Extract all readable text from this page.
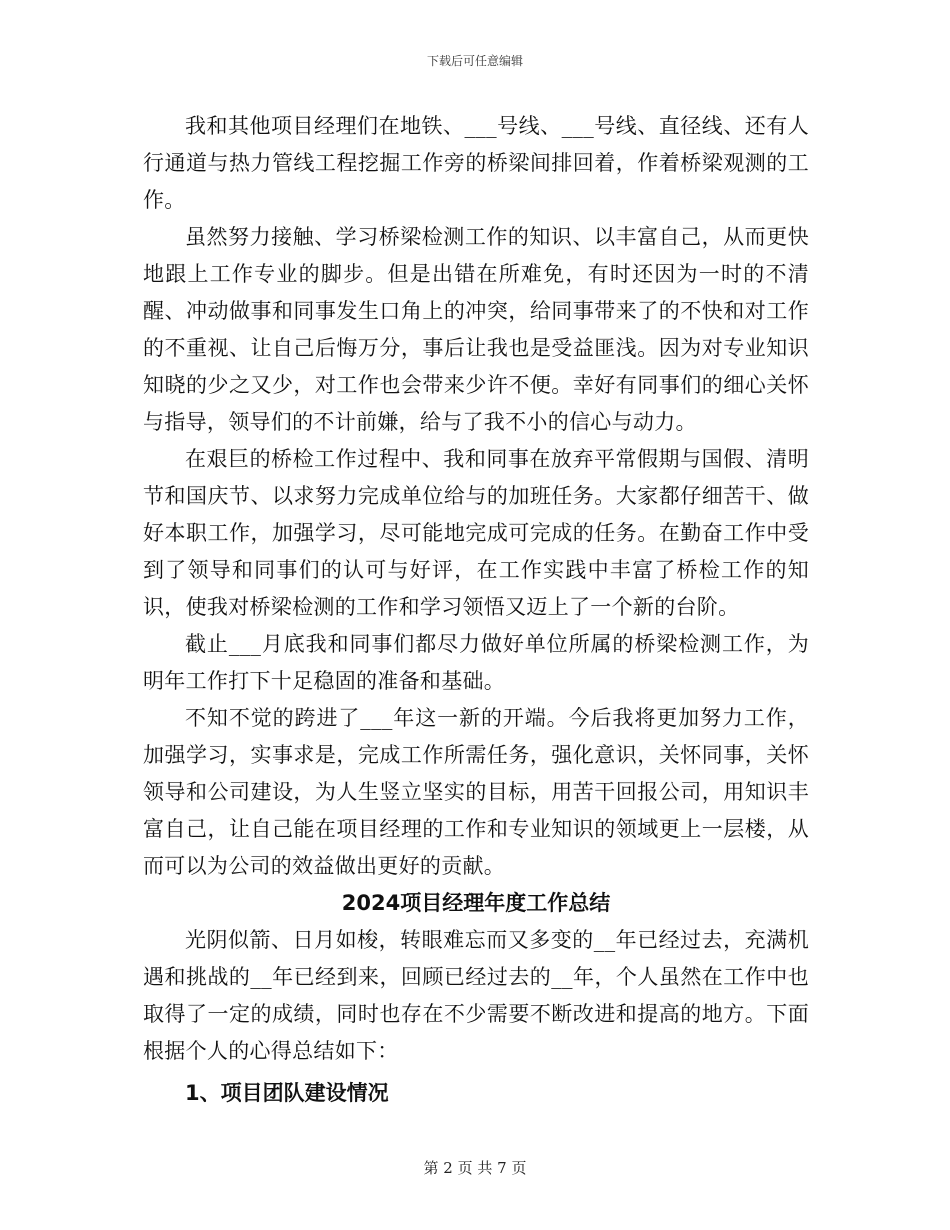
下载后可任意编辑

我和其他项目经理们在地铁、___号线、___号线、直径线、还有人行通道与热力管线工程挖掘工作旁的桥梁间排回着，作着桥梁观测的工作。

虽然努力接触、学习桥梁检测工作的知识、以丰富自己，从而更快地跟上工作专业的脚步。但是出错在所难免，有时还因为一时的不清醒、冲动做事和同事发生口角上的冲突，给同事带来了的不快和对工作的不重视、让自己后悔万分，事后让我也是受益匪浅。因为对专业知识知晓的少之又少，对工作也会带来少许不便。幸好有同事们的细心关怀与指导，领导们的不计前嫌，给与了我不小的信心与动力。

在艰巨的桥检工作过程中、我和同事在放弃平常假期与国假、清明节和国庆节、以求努力完成单位给与的加班任务。大家都仔细苦干、做好本职工作，加强学习，尽可能地完成可完成的任务。在勤奋工作中受到了领导和同事们的认可与好评，在工作实践中丰富了桥检工作的知识，使我对桥梁检测的工作和学习领悟又迈上了一个新的台阶。

截止___月底我和同事们都尽力做好单位所属的桥梁检测工作，为明年工作打下十足稳固的准备和基础。

不知不觉的跨进了___年这一新的开端。今后我将更加努力工作，加强学习，实事求是，完成工作所需任务，强化意识，关怀同事，关怀领导和公司建设，为人生竖立坚实的目标，用苦干回报公司，用知识丰富自己，让自己能在项目经理的工作和专业知识的领域更上一层楼，从而可以为公司的效益做出更好的贡献。

2024项目经理年度工作总结

光阴似箭、日月如梭，转眼难忘而又多变的__年已经过去，充满机遇和挑战的__年已经到来，回顾已经过去的__年，个人虽然在工作中也取得了一定的成绩，同时也存在不少需要不断改进和提高的地方。下面根据个人的心得总结如下：

1、项目团队建设情况

第 2 页 共 7 页
